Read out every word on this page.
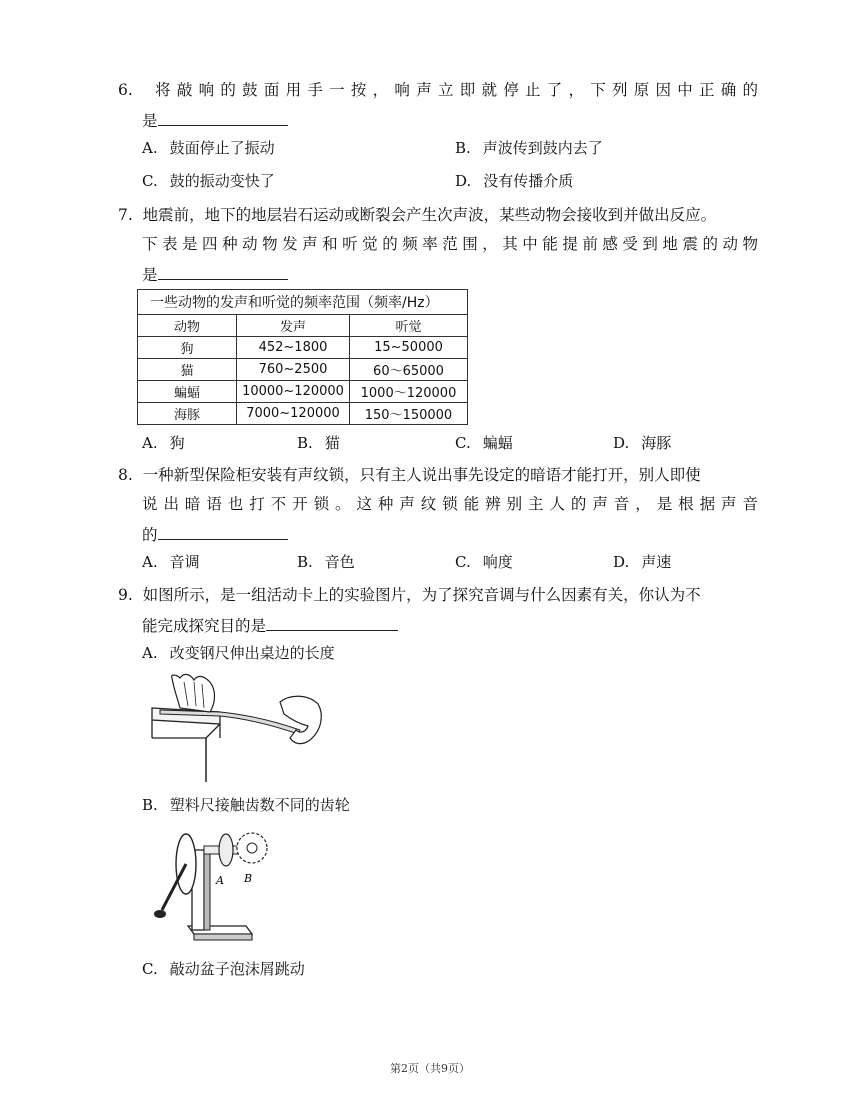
6. 将敲响的鼓面用手一按，响声立即就停止了，下列原因中正确的
是
A. 鼓面停止了振动	B. 声波传到鼓内去了
C. 鼓的振动变快了	D. 没有传播介质
7. 地震前，地下的地层岩石运动或断裂会产生次声波，某些动物会接收到并做出反应。
下表是四种动物发声和听觉的频率范围，其中能提前感受到地震的动物
是
一些动物的发声和听觉的频率范围（频率/Hz）		
动物	发声	听觉
狗	452~1800	15~50000
猫	760~2500	60～65000
蝙蝠	10000~120000	1000～120000
海豚	7000~120000	150～150000
A. 狗	B. 猫	C. 蝙蝠	D. 海豚
8. 一种新型保险柜安装有声纹锁，只有主人说出事先设定的暗语才能打开，别人即使
说出暗语也打不开锁。这种声纹锁能辨别主人的声音，是根据声音
的
A. 音调	B. 音色	C. 响度	D. 声速
9. 如图所示，是一组活动卡上的实验图片，为了探究音调与什么因素有关，你认为不
能完成探究目的是
A. 改变钢尺伸出桌边的长度
B. 塑料尺接触齿数不同的齿轮
A B
C. 敲动盆子泡沫屑跳动
第2页（共9页）
